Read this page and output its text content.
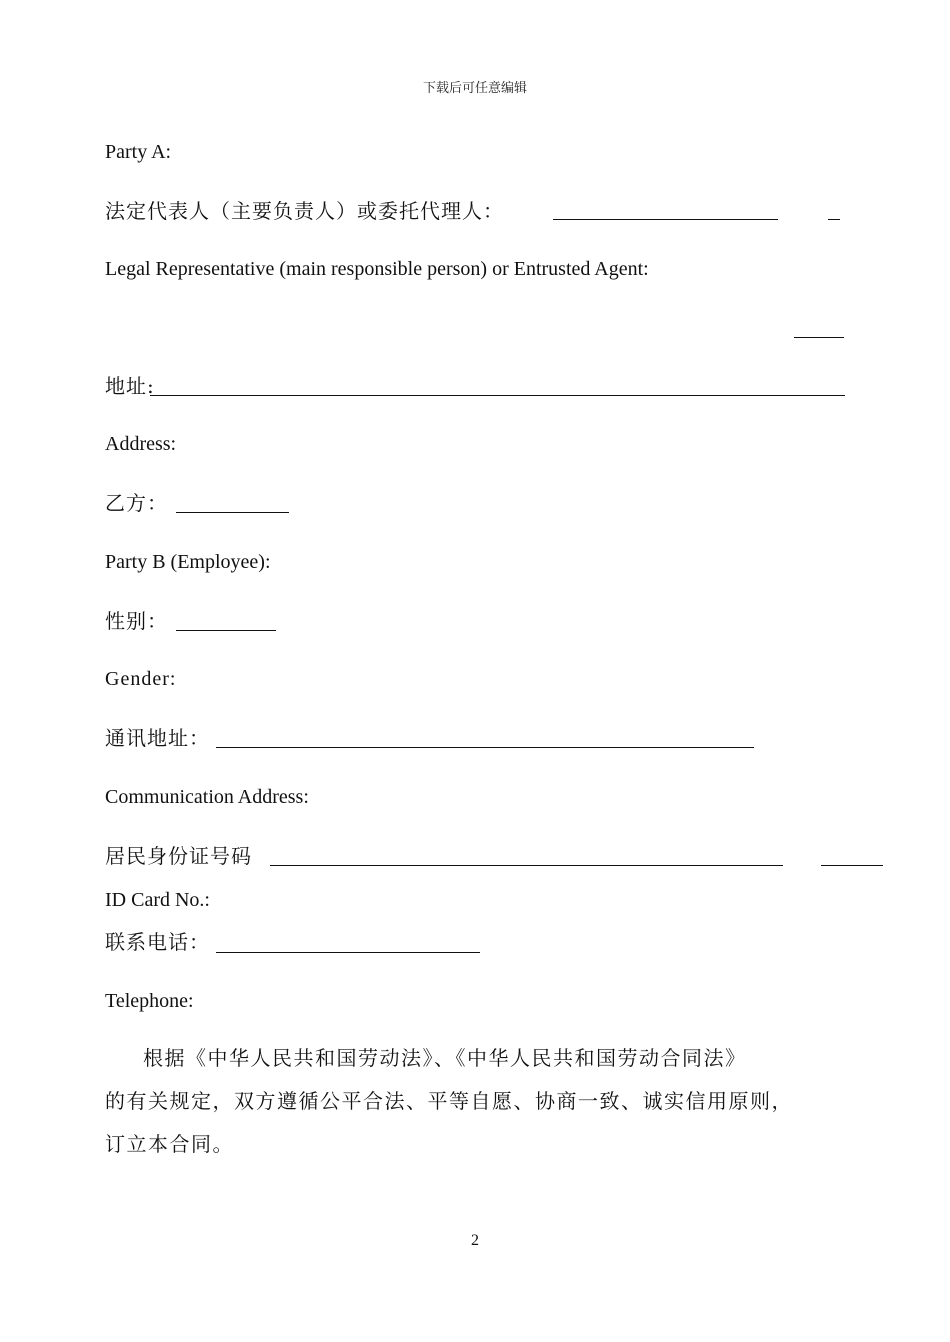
下载后可任意编辑
Party A:
法定代表人（主要负责人）或委托代理人：
Legal Representative (main responsible person) or Entrusted Agent:
地址:
Address:
乙方：
Party B (Employee):
性别：
Gender:
通讯地址：
Communication Address:
居民身份证号码
ID Card No.:
联系电话：
Telephone:
根据《中华人民共和国劳动法》、《中华人民共和国劳动合同法》
的有关规定，双方遵循公平合法、平等自愿、协商一致、诚实信用原则，
订立本合同。
2
